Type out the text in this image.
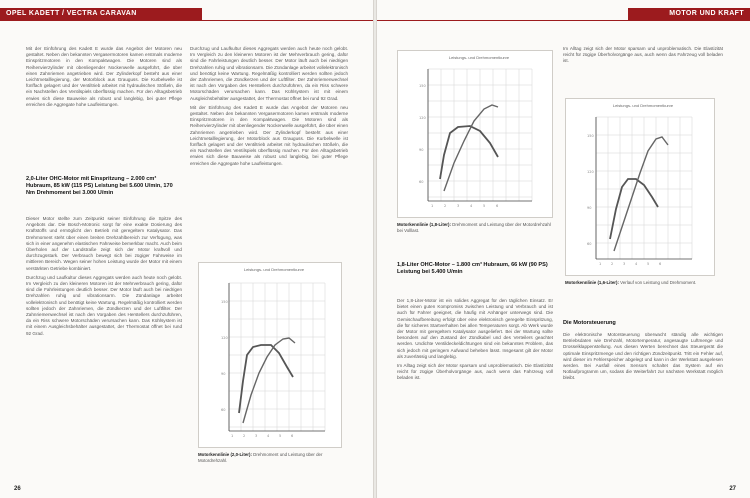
OPEL KADETT / VECTRA CARAVAN

Mit der Einführung des Kadett E wurde das Angebot der Motoren neu gestaltet. Neben den bekannten Vergasermotoren kamen erstmals moderne Einspritzmotoren in den Kompaktwagen. Die Motoren sind als Reihenvierzylinder mit obenliegender Nockenwelle ausgeführt, die über einen Zahnriemen angetrieben wird. Der Zylinderkopf besteht aus einer Leichtmetalllegierung, der Motorblock aus Grauguss. Die Kurbelwelle ist fünffach gelagert und der Ventiltrieb arbeitet mit hydraulischen Stößeln, die ein Nachstellen des Ventilspiels überflüssig machen. Für den Alltagsbetrieb erwies sich diese Bauweise als robust und langlebig, bei guter Pflege erreichen die Aggregate hohe Laufleistungen.

2,0-Liter OHC-Motor mit Einspritzung – 2.000 cm³ Hubraum, 85 kW (115 PS) Leistung bei 5.600 U/min, 170 Nm Drehmoment bei 3.000 U/min

Dieser Motor stellte zum Zeitpunkt seiner Einführung die Spitze des Angebots dar. Die Bosch-Motronic sorgt für eine exakte Dosierung des Kraftstoffs und ermöglicht den Betrieb mit geregeltem Katalysator. Das Drehmoment steht über einen breiten Drehzahlbereich zur Verfügung, was sich in einer angenehm elastischen Fahrweise bemerkbar macht. Auch beim Überholen auf der Landstraße zeigt sich der Motor kraftvoll und durchzugsstark. Der Verbrauch bewegt sich bei zügiger Fahrweise im mittleren Bereich. Wegen seiner hohen Leistung wurde der Motor mit einem verstärkten Getriebe kombiniert.

Durchzug und Laufkultur dieses Aggregats werden auch heute noch gelobt. Im Vergleich zu den kleineren Motoren ist der Mehrverbrauch gering, dafür sind die Fahrleistungen deutlich besser. Der Motor läuft auch bei niedrigen Drehzahlen ruhig und vibrationsarm. Die Zündanlage arbeitet vollelektronisch und benötigt keine Wartung. Regelmäßig kontrolliert werden sollten jedoch der Zahnriemen, die Zündkerzen und der Luftfilter. Der Zahnriemenwechsel ist nach den Vorgaben des Herstellers durchzuführen, da ein Riss schwere Motorschäden verursachen kann. Das Kühlsystem ist mit einem Ausgleichsbehälter ausgestattet, der Thermostat öffnet bei rund 92 Grad.

Durchzug und Laufkultur dieses Aggregats werden auch heute noch gelobt. Im Vergleich zu den kleineren Motoren ist der Mehrverbrauch gering, dafür sind die Fahrleistungen deutlich besser. Der Motor läuft auch bei niedrigen Drehzahlen ruhig und vibrationsarm. Die Zündanlage arbeitet vollelektronisch und benötigt keine Wartung. Regelmäßig kontrolliert werden sollten jedoch der Zahnriemen, die Zündkerzen und der Luftfilter. Der Zahnriemenwechsel ist nach den Vorgaben des Herstellers durchzuführen, da ein Riss schwere Motorschäden verursachen kann. Das Kühlsystem ist mit einem Ausgleichsbehälter ausgestattet, der Thermostat öffnet bei rund 92 Grad.

Mit der Einführung des Kadett E wurde das Angebot der Motoren neu gestaltet. Neben den bekannten Vergasermotoren kamen erstmals moderne Einspritzmotoren in den Kompaktwagen. Die Motoren sind als Reihenvierzylinder mit obenliegender Nockenwelle ausgeführt, die über einen Zahnriemen angetrieben wird. Der Zylinderkopf besteht aus einer Leichtmetalllegierung, der Motorblock aus Grauguss. Die Kurbelwelle ist fünffach gelagert und der Ventiltrieb arbeitet mit hydraulischen Stößeln, die ein Nachstellen des Ventilspiels überflüssig machen. Für den Alltagsbetrieb erwies sich diese Bauweise als robust und langlebig, bei guter Pflege erreichen die Aggregate hohe Laufleistungen.

Leistungs- und Drehmomentkurve
150
120
90
60
1	2	3	4	5	6
Motorkennlinie (2,0-Liter): Drehmoment und Leistung über der Motordrehzahl.
26
MOTOR UND KRAFT
Leistungs- und Drehmomentkurve
150
120
90
60
1	2	3	4	5	6
Motorkennlinie (1,8-Liter): Drehmoment und Leistung über der Motordrehzahl bei Volllast.
1,8-Liter OHC-Motor – 1.800 cm³ Hubraum, 66 kW (90 PS) Leistung bei 5.400 U/min

Der 1,8-Liter-Motor ist ein solides Aggregat für den täglichen Einsatz. Er bietet einen guten Kompromiss zwischen Leistung und Verbrauch und ist auch für Fahrer geeignet, die häufig mit Anhänger unterwegs sind. Die Gemischaufbereitung erfolgt über eine elektronisch geregelte Einspritzung, die für sicheres Startverhalten bei allen Temperaturen sorgt. Ab Werk wurde der Motor mit geregeltem Katalysator ausgeliefert. Bei der Wartung sollte besonders auf den Zustand der Zündkabel und des Verteilers geachtet werden. Undichte Ventildeckeldichtungen sind ein bekanntes Problem, das sich jedoch mit geringem Aufwand beheben lässt. Insgesamt gilt der Motor als zuverlässig und langlebig.

Im Alltag zeigt sich der Motor sparsam und unproblematisch. Die Elastizität reicht für zügige Überholvorgänge aus, auch wenn das Fahrzeug voll beladen ist.

Im Alltag zeigt sich der Motor sparsam und unproblematisch. Die Elastizität reicht für zügige Überholvorgänge aus, auch wenn das Fahrzeug voll beladen ist.

Leistungs- und Drehmomentkurve
150
120
90
60
1	2	3	4	5	6
Motorkennlinie (1,6-Liter): Verlauf von Leistung und Drehmoment.
Die Motorsteuerung

Die elektronische Motorsteuerung überwacht ständig alle wichtigen Betriebsdaten wie Drehzahl, Motortemperatur, angesaugte Luftmenge und Drosselklappenstellung. Aus diesen Werten berechnet das Steuergerät die optimale Einspritzmenge und den richtigen Zündzeitpunkt. Tritt ein Fehler auf, wird dieser im Fehlerspeicher abgelegt und kann in der Werkstatt ausgelesen werden. Bei Ausfall eines Sensors schaltet das System auf ein Notlaufprogramm um, sodass die Weiterfahrt zur nächsten Werkstatt möglich bleibt.

27
